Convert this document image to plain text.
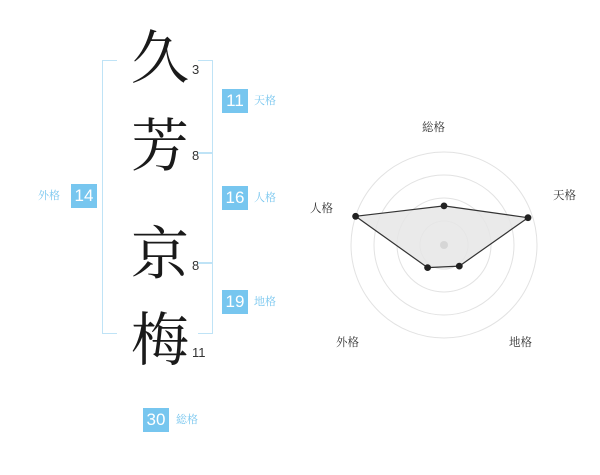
外格 14
久 3
芳 8
京 8
梅 11
11 天格
16 人格
19 地格
30 総格
総格
天格
地格
外格
人格
